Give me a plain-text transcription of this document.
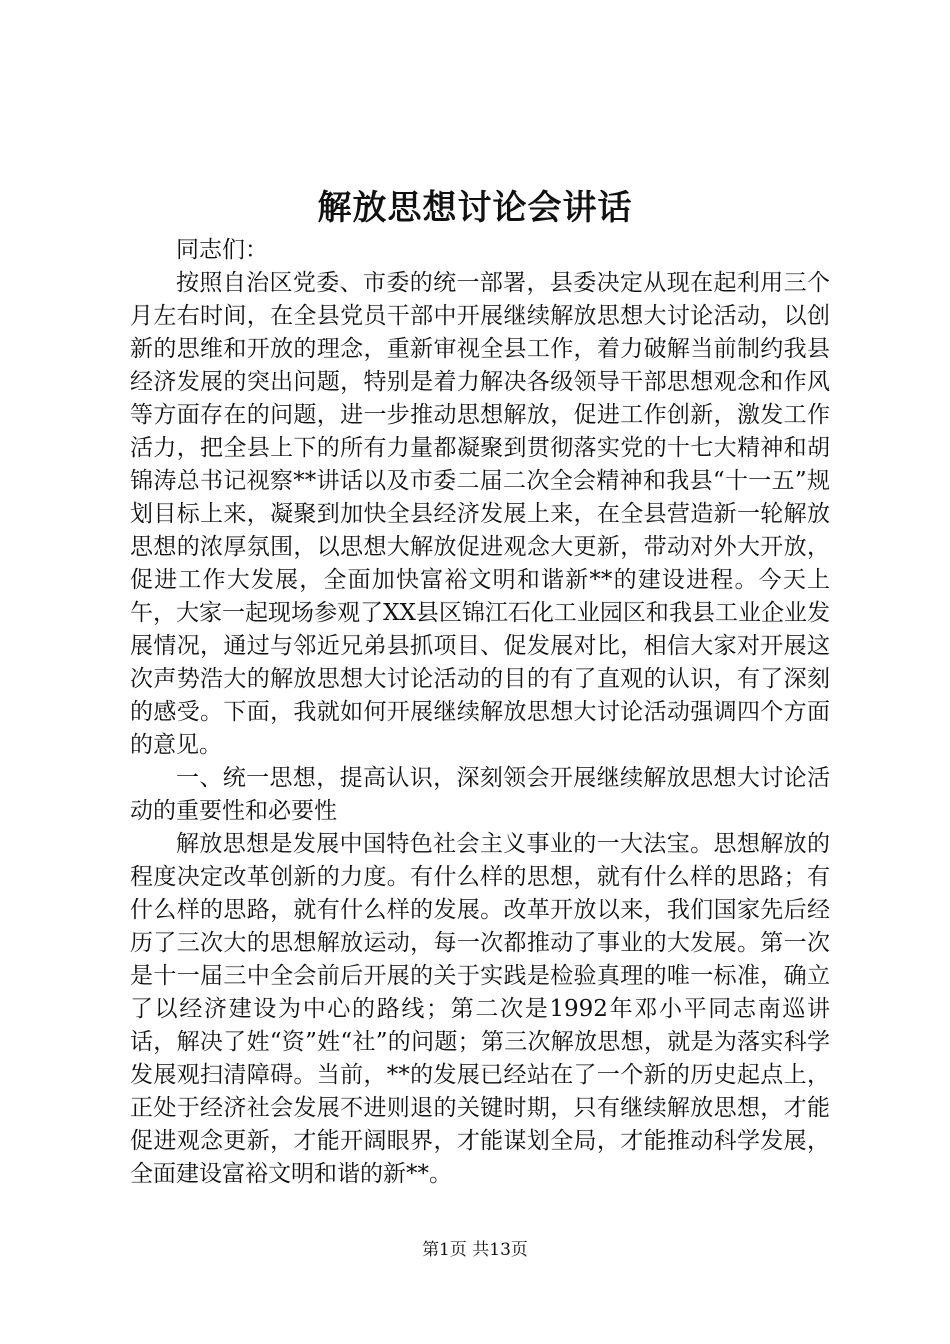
解放思想讨论会讲话

同志们：

按照自治区党委、市委的统一部署，县委决定从现在起利用三个月左右时间，在全县党员干部中开展继续解放思想大讨论活动，以创新的思维和开放的理念，重新审视全县工作，着力破解当前制约我县经济发展的突出问题，特别是着力解决各级领导干部思想观念和作风等方面存在的问题，进一步推动思想解放，促进工作创新，激发工作活力，把全县上下的所有力量都凝聚到贯彻落实党的十七大精神和胡锦涛总书记视察**讲话以及市委二届二次全会精神和我县“十一五”规划目标上来，凝聚到加快全县经济发展上来，在全县营造新一轮解放思想的浓厚氛围，以思想大解放促进观念大更新，带动对外大开放，促进工作大发展，全面加快富裕文明和谐新**的建设进程。今天上午，大家一起现场参观了XX县区锦江石化工业园区和我县工业企业发展情况，通过与邻近兄弟县抓项目、促发展对比，相信大家对开展这次声势浩大的解放思想大讨论活动的目的有了直观的认识，有了深刻的感受。下面，我就如何开展继续解放思想大讨论活动强调四个方面的意见。

一、统一思想，提高认识，深刻领会开展继续解放思想大讨论活动的重要性和必要性

解放思想是发展中国特色社会主义事业的一大法宝。思想解放的程度决定改革创新的力度。有什么样的思想，就有什么样的思路；有什么样的思路，就有什么样的发展。改革开放以来，我们国家先后经历了三次大的思想解放运动，每一次都推动了事业的大发展。第一次是十一届三中全会前后开展的关于实践是检验真理的唯一标准，确立了以经济建设为中心的路线；第二次是1992年邓小平同志南巡讲话，解决了姓“资”姓“社”的问题；第三次解放思想，就是为落实科学发展观扫清障碍。当前，**的发展已经站在了一个新的历史起点上，正处于经济社会发展不进则退的关键时期，只有继续解放思想，才能促进观念更新，才能开阔眼界，才能谋划全局，才能推动科学发展，全面建设富裕文明和谐的新**。

第1页 共13页
